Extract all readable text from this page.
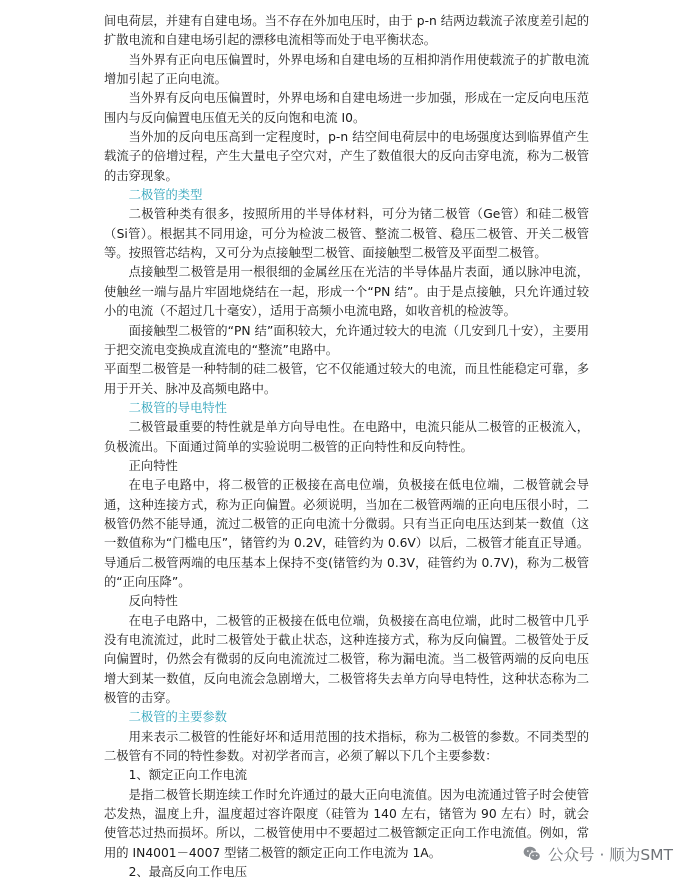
间电荷层，并建有自建电场。当不存在外加电压时，由于 p-n 结两边载流子浓度差引起的扩散电流和自建电场引起的漂移电流相等而处于电平衡状态。

当外界有正向电压偏置时，外界电场和自建电场的互相抑消作用使载流子的扩散电流增加引起了正向电流。

当外界有反向电压偏置时，外界电场和自建电场进一步加强，形成在一定反向电压范围内与反向偏置电压值无关的反向饱和电流 I0。

当外加的反向电压高到一定程度时，p-n 结空间电荷层中的电场强度达到临界值产生载流子的倍增过程，产生大量电子空穴对，产生了数值很大的反向击穿电流，称为二极管的击穿现象。

二极管的类型

二极管种类有很多，按照所用的半导体材料，可分为锗二极管（Ge管）和硅二极管（Si管）。根据其不同用途，可分为检波二极管、整流二极管、稳压二极管、开关二极管等。按照管芯结构，又可分为点接触型二极管、面接触型二极管及平面型二极管。

点接触型二极管是用一根很细的金属丝压在光洁的半导体晶片表面，通以脉冲电流，使触丝一端与晶片牢固地烧结在一起，形成一个“PN 结”。由于是点接触，只允许通过较小的电流（不超过几十毫安），适用于高频小电流电路，如收音机的检波等。

面接触型二极管的“PN 结”面积较大，允许通过较大的电流（几安到几十安），主要用于把交流电变换成直流电的“整流”电路中。

平面型二极管是一种特制的硅二极管，它不仅能通过较大的电流，而且性能稳定可靠，多用于开关、脉冲及高频电路中。

二极管的导电特性

二极管最重要的特性就是单方向导电性。在电路中，电流只能从二极管的正极流入，负极流出。下面通过简单的实验说明二极管的正向特性和反向特性。

正向特性

在电子电路中，将二极管的正极接在高电位端，负极接在低电位端，二极管就会导通，这种连接方式，称为正向偏置。必须说明，当加在二极管两端的正向电压很小时，二极管仍然不能导通，流过二极管的正向电流十分微弱。只有当正向电压达到某一数值（这一数值称为“门槛电压”，锗管约为 0.2V，硅管约为 0.6V）以后，二极管才能直正导通。导通后二极管两端的电压基本上保持不变(锗管约为 0.3V，硅管约为 0.7V)，称为二极管的“正向压降”。

反向特性

在电子电路中，二极管的正极接在低电位端，负极接在高电位端，此时二极管中几乎没有电流流过，此时二极管处于截止状态，这种连接方式，称为反向偏置。二极管处于反向偏置时，仍然会有微弱的反向电流流过二极管，称为漏电流。当二极管两端的反向电压增大到某一数值，反向电流会急剧增大，二极管将失去单方向导电特性，这种状态称为二极管的击穿。

二极管的主要参数

用来表示二极管的性能好坏和适用范围的技术指标，称为二极管的参数。不同类型的二极管有不同的特性参数。对初学者而言，必须了解以下几个主要参数：

1、额定正向工作电流

是指二极管长期连续工作时允许通过的最大正向电流值。因为电流通过管子时会使管芯发热，温度上升，温度超过容许限度（硅管为 140 左右，锗管为 90 左右）时，就会使管芯过热而损坏。所以，二极管使用中不要超过二极管额定正向工作电流值。例如，常用的 IN4001－4007 型锗二极管的额定正向工作电流为 1A。

2、最高反向工作电压

公众号 · 顺为SMT
